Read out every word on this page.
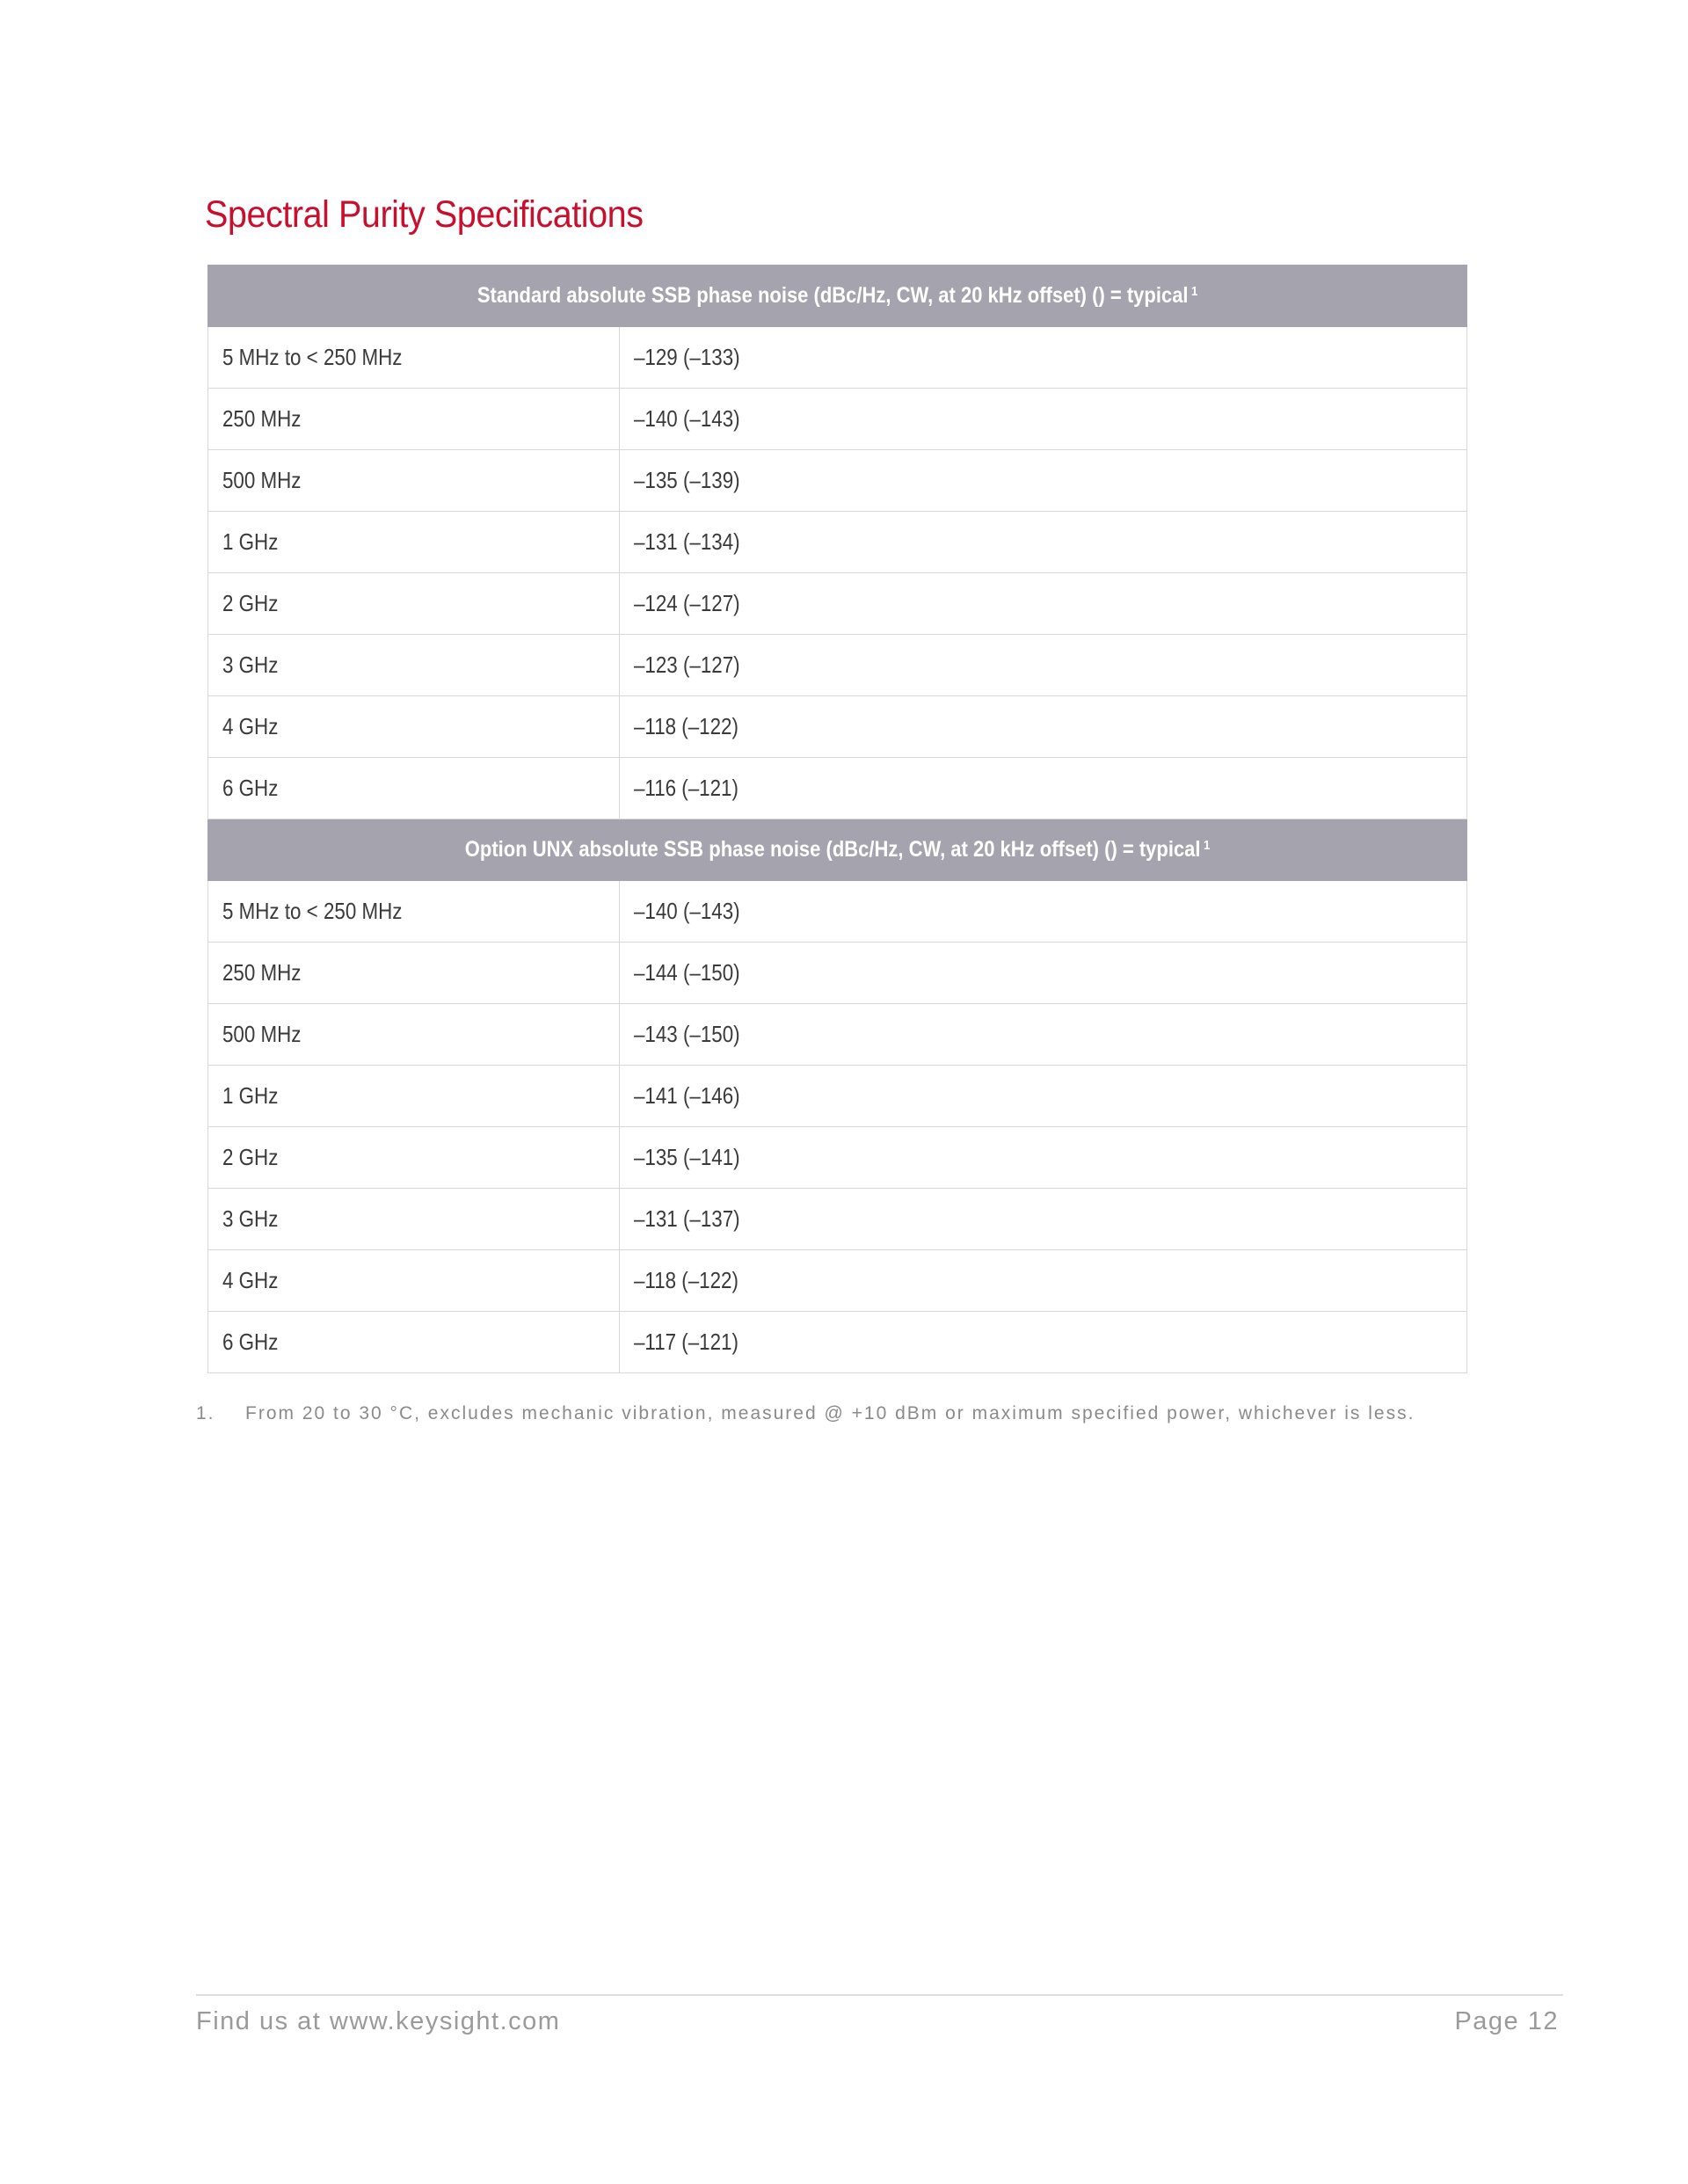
Spectral Purity Specifications
Standard absolute SSB phase noise (dBc/Hz, CW, at 20 kHz offset) () = typical $^1$
5 MHz to < 250 MHz	–129 (–133)
250 MHz	–140 (–143)
500 MHz	–135 (–139)
1 GHz	–131 (–134)
2 GHz	–124 (–127)
3 GHz	–123 (–127)
4 GHz	–118 (–122)
6 GHz	–116 (–121)
Option UNX absolute SSB phase noise (dBc/Hz, CW, at 20 kHz offset) () = typical $^1$
5 MHz to < 250 MHz	–140 (–143)
250 MHz	–144 (–150)
500 MHz	–143 (–150)
1 GHz	–141 (–146)
2 GHz	–135 (–141)
3 GHz	–131 (–137)
4 GHz	–118 (–122)
6 GHz	–117 (–121)
1. From 20 to 30 °C, excludes mechanic vibration, measured @ +10 dBm or maximum specified power, whichever is less.
Find us at www.keysight.com	Page 12
